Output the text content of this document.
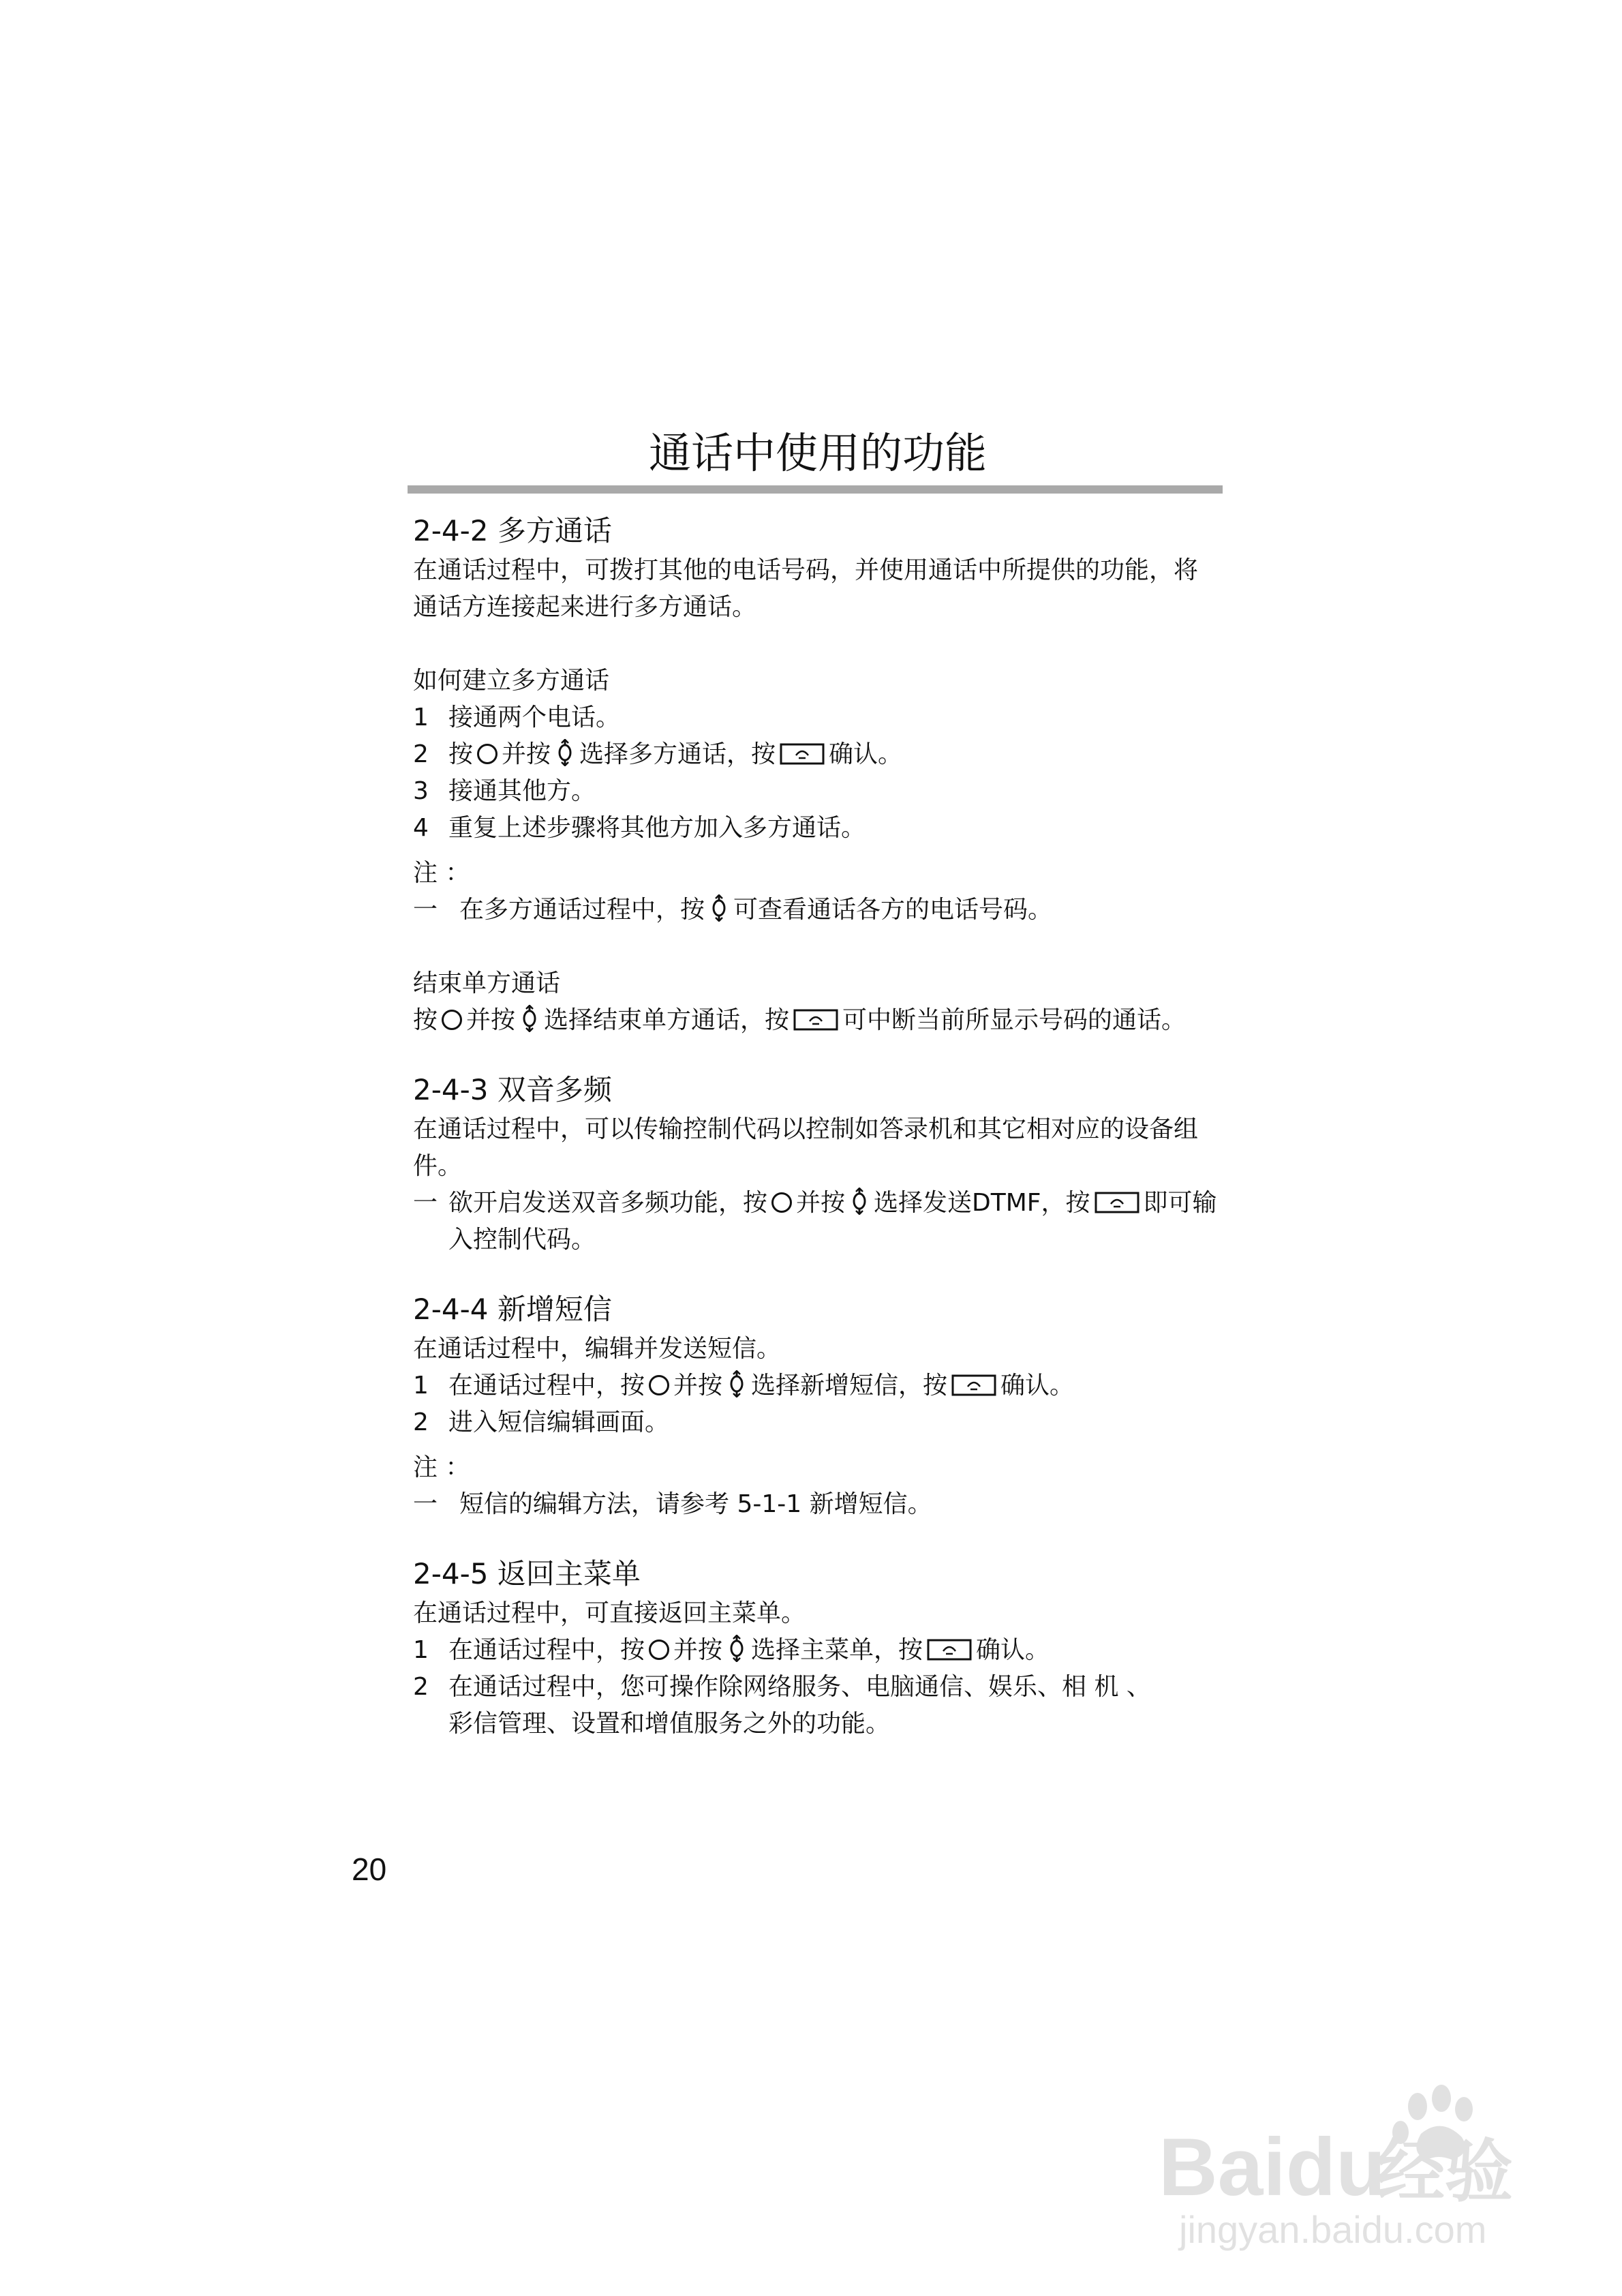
通话中使用的功能
2-4-2 多方通话

在通话过程中，可拨打其他的电话号码，并使用通话中所提供的功能，将

通话方连接起来进行多方通话。

如何建立多方通话

1 接通两个电话。
2 按 并按 选择多方通话，按 确认。
3 接通其他方。
4 重复上述步骤将其他方加入多方通话。

注 ：

一 在多方通话过程中，按 可查看通话各方的电话号码。

结束单方通话

按 并按 选择结束单方通话，按 可中断当前所显示号码的通话。

2-4-3 双音多频

在通话过程中，可以传输控制代码以控制如答录机和其它相对应的设备组件。

一 欲开启发送双音多频功能，按 并按 选择发送DTMF，按 即可输
入控制代码。
2-4-4 新增短信

在通话过程中，编辑并发送短信。

1 在通话过程中，按 并按 选择新增短信，按 确认。
2 进入短信编辑画面。

注 ：

一 短信的编辑方法，请参考 5-1-1 新增短信。
2-4-5 返回主菜单

在通话过程中，可直接返回主菜单。

1 在通话过程中，按 并按 选择主菜单，按 确认。
2 在通话过程中，您可操作除网络服务、电脑通信、娱乐、相 机 、
彩信管理、设置和增值服务之外的功能。
20
Baidu
经验
jingyan.baidu.com
